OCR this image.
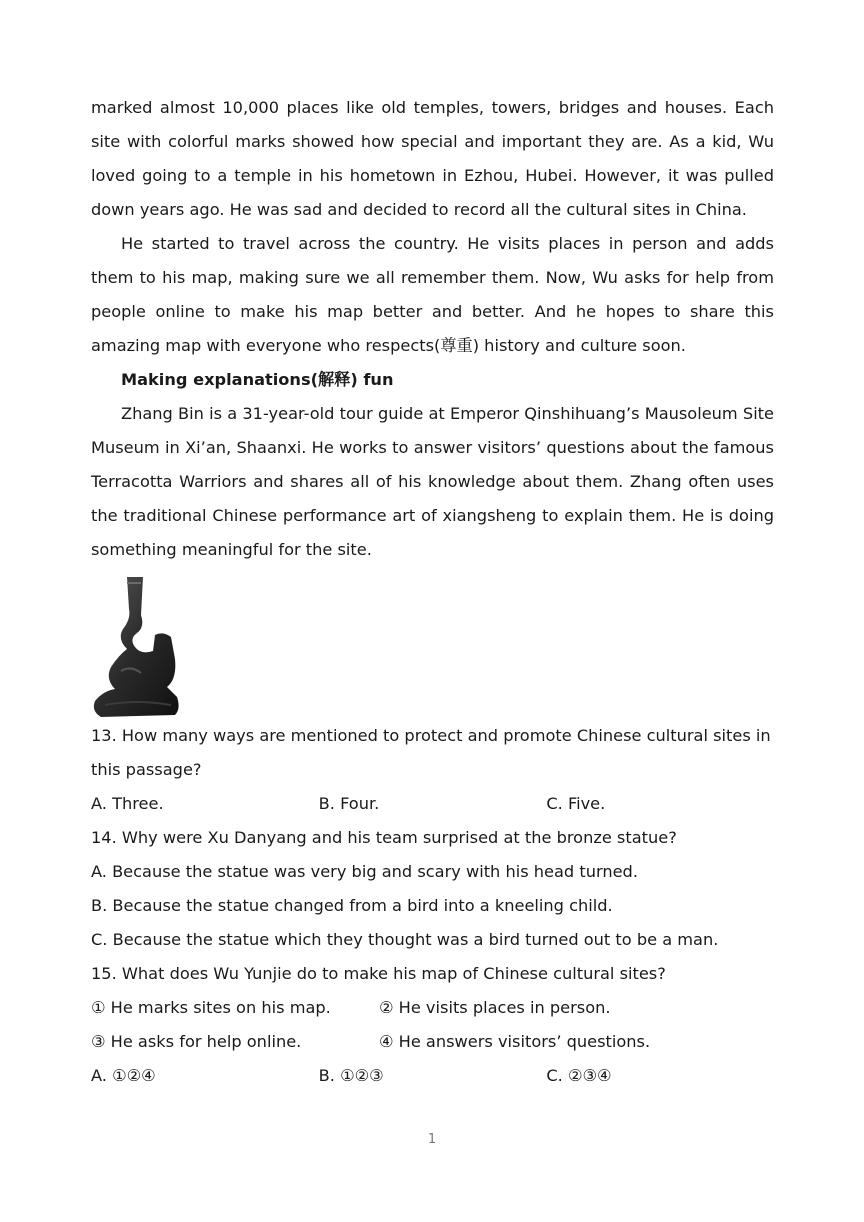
marked almost 10,000 places like old temples, towers, bridges and houses. Each site with colorful marks showed how special and important they are. As a kid, Wu loved going to a temple in his hometown in Ezhou, Hubei. However, it was pulled down years ago. He was sad and decided to record all the cultural sites in China.

He started to travel across the country. He visits places in person and adds them to his map, making sure we all remember them. Now, Wu asks for help from people online to make his map better and better. And he hopes to share this amazing map with everyone who respects(尊重) history and culture soon.

Making explanations(解释) fun

Zhang Bin is a 31-year-old tour guide at Emperor Qinshihuang’s Mausoleum Site Museum in Xi’an, Shaanxi. He works to answer visitors’ questions about the famous Terracotta Warriors and shares all of his knowledge about them. Zhang often uses the traditional Chinese performance art of xiangsheng to explain them. He is doing something meaningful for the site.

13. How many ways are mentioned to protect and promote Chinese cultural sites in this passage?

A. Three.	B. Four.	C. Five.

14. Why were Xu Danyang and his team surprised at the bronze statue?

A. Because the statue was very big and scary with his head turned.

B. Because the statue changed from a bird into a kneeling child.

C. Because the statue which they thought was a bird turned out to be a man.

15. What does Wu Yunjie do to make his map of Chinese cultural sites?

① He marks sites on his map.	② He visits places in person.
③ He asks for help online.	④ He answers visitors’ questions.
A. ①②④	B. ①②③	C. ②③④
1
